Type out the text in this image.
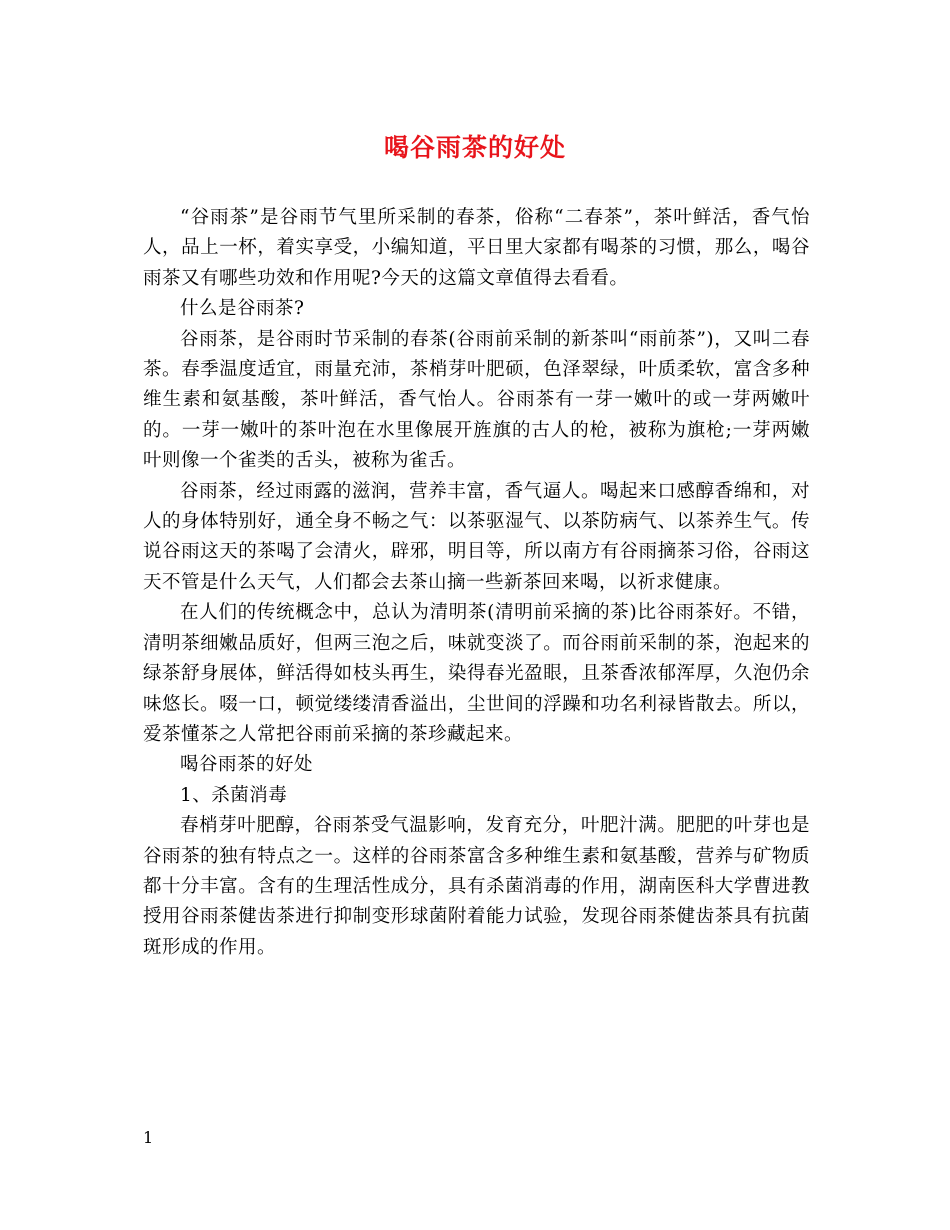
喝谷雨茶的好处

“谷雨茶”是谷雨节气里所采制的春茶，俗称“二春茶”，茶叶鲜活，香气怡人，品上一杯，着实享受，小编知道，平日里大家都有喝茶的习惯，那么，喝谷雨茶又有哪些功效和作用呢?今天的这篇文章值得去看看。

什么是谷雨茶?

谷雨茶，是谷雨时节采制的春茶(谷雨前采制的新茶叫“雨前茶”)，又叫二春茶。春季温度适宜，雨量充沛，茶梢芽叶肥硕，色泽翠绿，叶质柔软，富含多种维生素和氨基酸，茶叶鲜活，香气怡人。谷雨茶有一芽一嫩叶的或一芽两嫩叶的。一芽一嫩叶的茶叶泡在水里像展开旌旗的古人的枪，被称为旗枪;一芽两嫩叶则像一个雀类的舌头，被称为雀舌。

谷雨茶，经过雨露的滋润，营养丰富，香气逼人。喝起来口感醇香绵和，对人的身体特别好，通全身不畅之气：以茶驱湿气、以茶防病气、以茶养生气。传说谷雨这天的茶喝了会清火，辟邪，明目等，所以南方有谷雨摘茶习俗，谷雨这天不管是什么天气，人们都会去茶山摘一些新茶回来喝，以祈求健康。

在人们的传统概念中，总认为清明茶(清明前采摘的茶)比谷雨茶好。不错，清明茶细嫩品质好，但两三泡之后，味就变淡了。而谷雨前采制的茶，泡起来的绿茶舒身展体，鲜活得如枝头再生，染得春光盈眼，且茶香浓郁浑厚，久泡仍余味悠长。啜一口，顿觉缕缕清香溢出，尘世间的浮躁和功名利禄皆散去。所以，爱茶懂茶之人常把谷雨前采摘的茶珍藏起来。

喝谷雨茶的好处

1、杀菌消毒

春梢芽叶肥醇，谷雨茶受气温影响，发育充分，叶肥汁满。肥肥的叶芽也是谷雨茶的独有特点之一。这样的谷雨茶富含多种维生素和氨基酸，营养与矿物质都十分丰富。含有的生理活性成分，具有杀菌消毒的作用，湖南医科大学曹进教授用谷雨茶健齿茶进行抑制变形球菌附着能力试验，发现谷雨茶健齿茶具有抗菌斑形成的作用。

1
